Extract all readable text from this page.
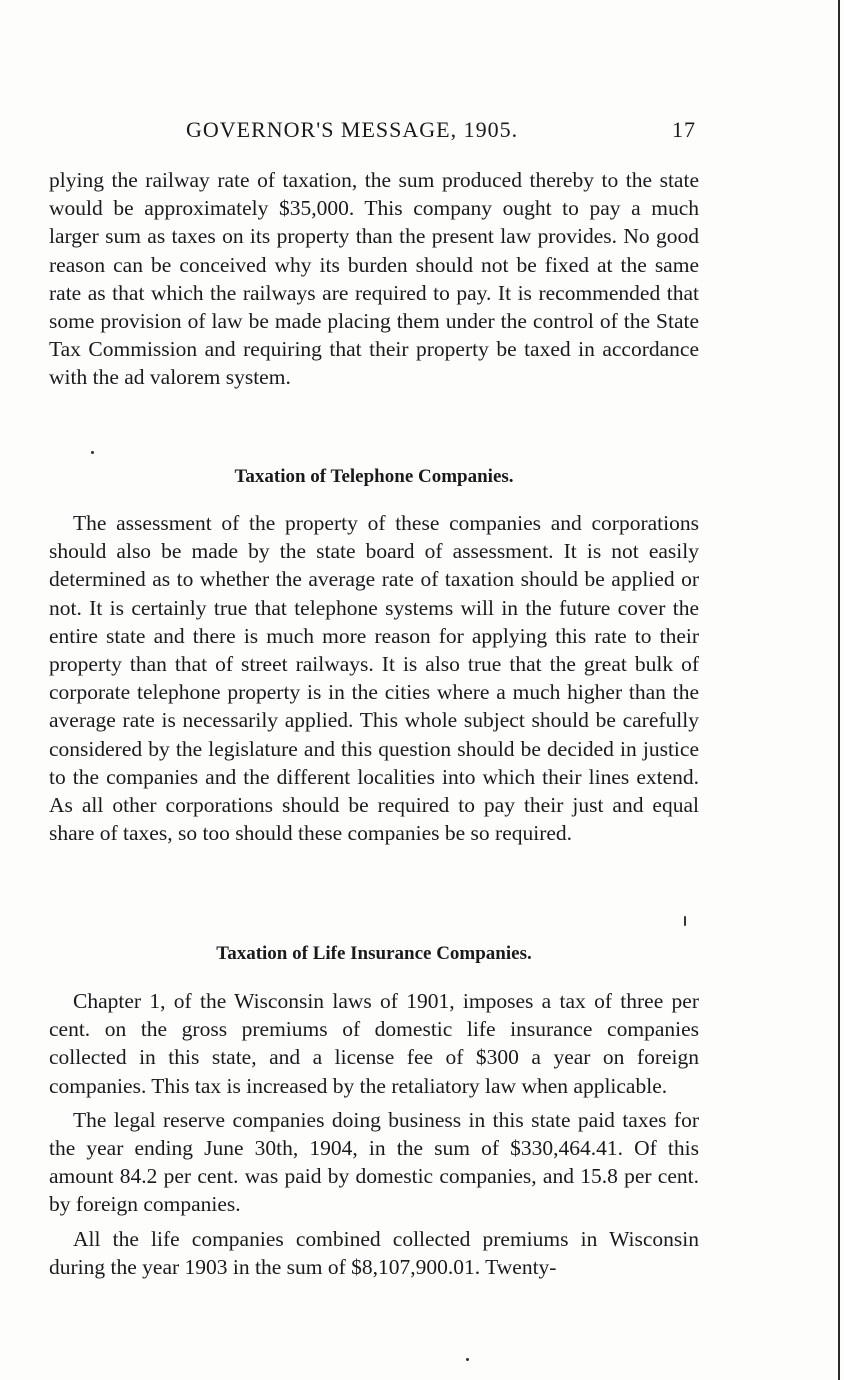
GOVERNOR'S MESSAGE, 1905.	17

plying the railway rate of taxation, the sum produced thereby to the state would be approximately $35,000. This company ought to pay a much larger sum as taxes on its property than the present law provides. No good reason can be conceived why its burden should not be fixed at the same rate as that which the railways are required to pay. It is recommended that some provision of law be made placing them under the control of the State Tax Commission and requiring that their property be taxed in accordance with the ad valorem system.

Taxation of Telephone Companies.

The assessment of the property of these companies and corporations should also be made by the state board of assessment. It is not easily determined as to whether the average rate of taxation should be applied or not. It is certainly true that telephone systems will in the future cover the entire state and there is much more reason for applying this rate to their property than that of street railways. It is also true that the great bulk of corporate telephone property is in the cities where a much higher than the average rate is necessarily applied. This whole subject should be carefully considered by the legislature and this question should be decided in justice to the companies and the different localities into which their lines extend. As all other corporations should be required to pay their just and equal share of taxes, so too should these companies be so required.

Taxation of Life Insurance Companies.

Chapter 1, of the Wisconsin laws of 1901, imposes a tax of three per cent. on the gross premiums of domestic life insurance companies collected in this state, and a license fee of $300 a year on foreign companies. This tax is increased by the retaliatory law when applicable.

The legal reserve companies doing business in this state paid taxes for the year ending June 30th, 1904, in the sum of $330,464.41. Of this amount 84.2 per cent. was paid by domestic companies, and 15.8 per cent. by foreign companies.

All the life companies combined collected premiums in Wisconsin during the year 1903 in the sum of $8,107,900.01. Twenty-
